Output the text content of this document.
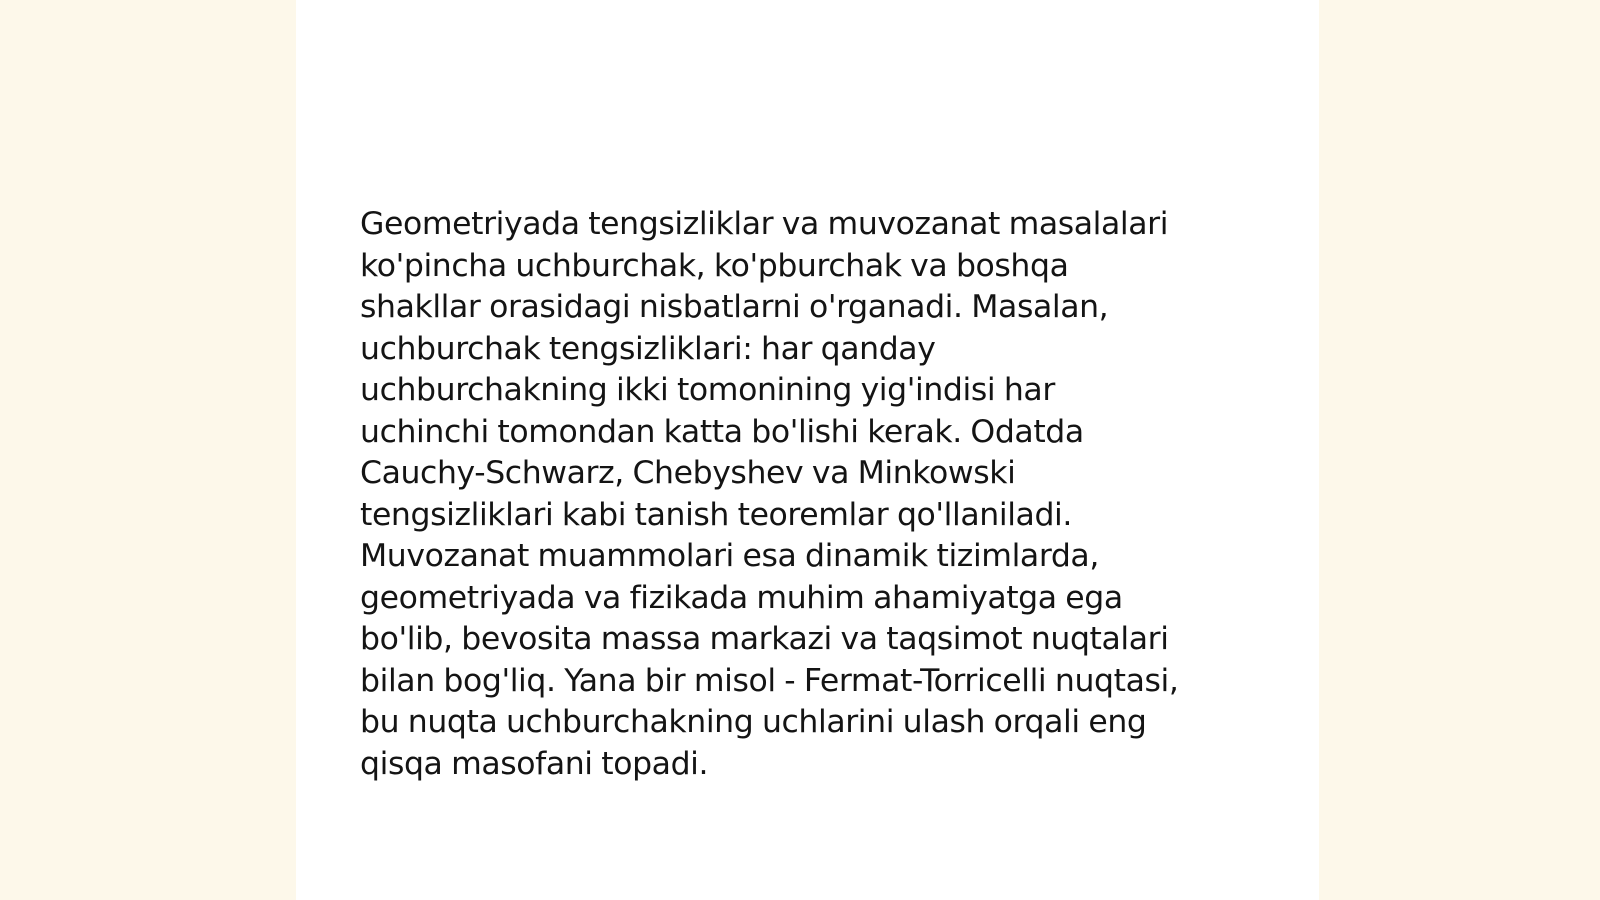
Geometriyada tengsizliklar va muvozanat masalalari
ko'pincha uchburchak, ko'pburchak va boshqa
shakllar orasidagi nisbatlarni o'rganadi. Masalan,
uchburchak tengsizliklari: har qanday
uchburchakning ikki tomonining yig'indisi har
uchinchi tomondan katta bo'lishi kerak. Odatda
Cauchy-Schwarz, Chebyshev va Minkowski
tengsizliklari kabi tanish teoremlar qo'llaniladi.
Muvozanat muammolari esa dinamik tizimlarda,
geometriyada va fizikada muhim ahamiyatga ega
bo'lib, bevosita massa markazi va taqsimot nuqtalari
bilan bog'liq. Yana bir misol - Fermat-Torricelli nuqtasi,
bu nuqta uchburchakning uchlarini ulash orqali eng
qisqa masofani topadi.
